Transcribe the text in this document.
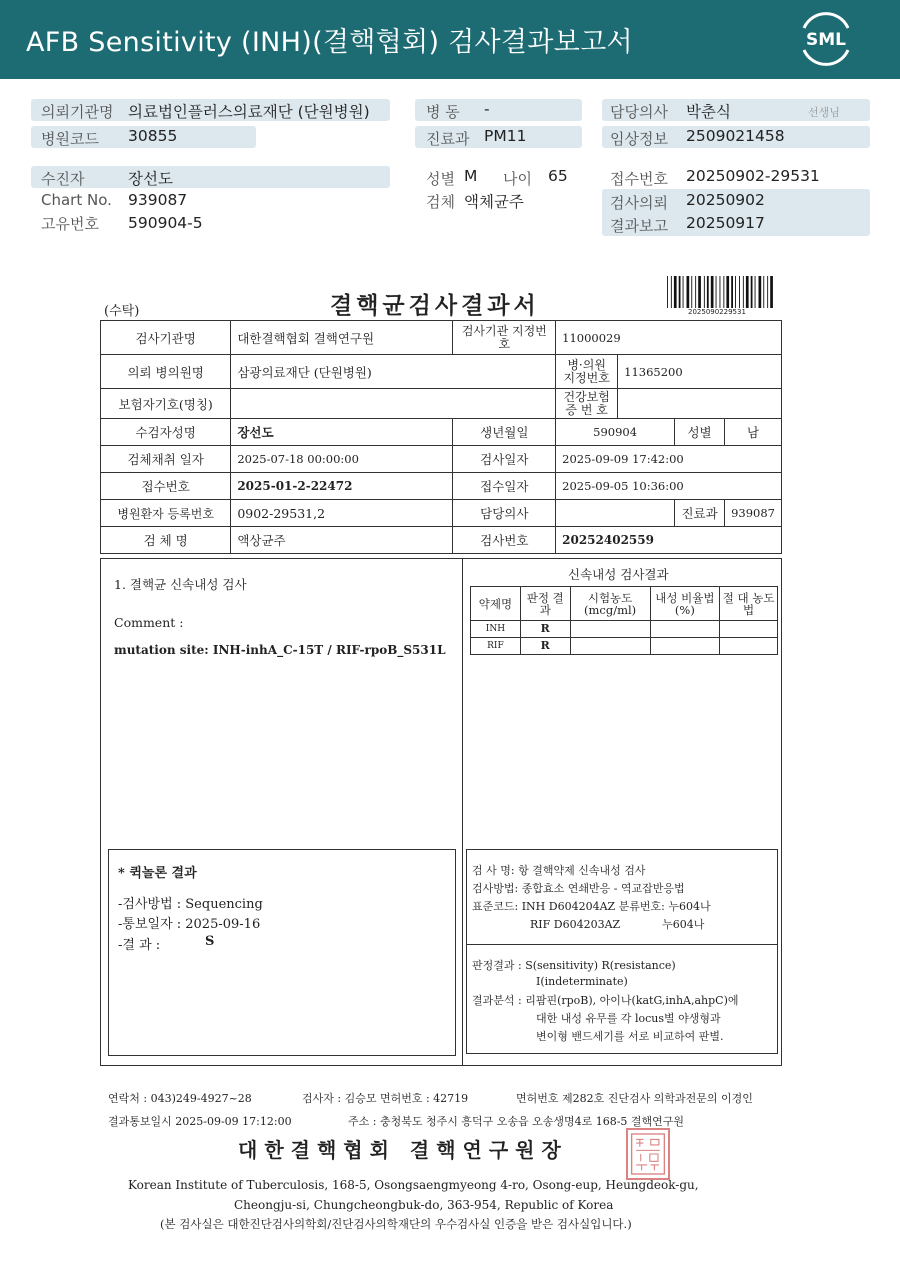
AFB Sensitivity (INH)(결핵협회) 검사결과보고서	SML
의뢰기관명 의료법인플러스의료재단 (단원병원)
병원코드 30855
병 동 -
진료과 PM11
담당의사 박춘식	선생님
임상정보 2509021458
수진자	장선도
Chart No. 939087
고유번호 590904-5
성별 M 나이 65
검체 액체균주
접수번호 20250902-29531
검사의뢰 20250902
결과보고 20250917
(수탁)	결핵균검사결과서	2025090229531
검사기관명	대한결핵협회 결핵연구원	검사기관 지정번호	11000029			
의뢰 병의원명	삼광의료재단 (단원병원)		병·의원 지정번호	11365200		
보험자기호(명칭)			건강보험 증 번 호			
수검자성명	장선도	생년월일	590904		성별	남
검체채취 일자	2025-07-18 00:00:00	검사일자	2025-09-09 17:42:00			
접수번호	2025-01-2-22472	접수일자	2025-09-05 10:36:00			
병원환자 등록번호	0902-29531,2	담당의사			진료과	939087
검 체 명	액상균주	검사번호	20252402559			
1. 결핵균 신속내성 검사
Comment :
mutation site: INH-inhA_C-15T / RIF-rpoB_S531L
신속내성 검사결과
약제명	판정 결과	시험농도 (mcg/ml)	내성 비율법(%)	절 대 농도법
INH	R			
RIF	R			
* 퀵놀론 결과
-검사방법 : Sequencing
-통보일자 : 2025-09-16
-결 과 :	S
검 사 명: 항 결핵약제 신속내성 검사
검사방법: 종합효소 연쇄반응 - 역교잡반응법
표준코드: INH D604204AZ 분류번호: 누604나
RIF D604203AZ            누604나
판정결과 : S(sensitivity) R(resistance)
I(indeterminate)
결과분석 : 리팜핀(rpoB), 아이나(katG,inhA,ahpC)에
대한 내성 유무를 각 locus별 야생형과
변이형 밴드세기를 서로 비교하여 판별.
연락처 : 043)249-4927~28	검사자 : 김승모 면허번호 : 42719	면허번호 제282호 진단검사 의학과전문의 이경인
결과통보일시 2025-09-09 17:12:00	주소 : 충청북도 청주시 흥덕구 오송읍 오송생명4로 168-5 결핵연구원
대한결핵협회 결핵연구원장
Korean Institute of Tuberculosis, 168-5, Osongsaengmyeong 4-ro, Osong-eup, Heungdeok-gu,
Cheongju-si, Chungcheongbuk-do, 363-954, Republic of Korea
(본 검사실은 대한진단검사의학회/진단검사의학재단의 우수검사실 인증을 받은 검사실입니다.)
